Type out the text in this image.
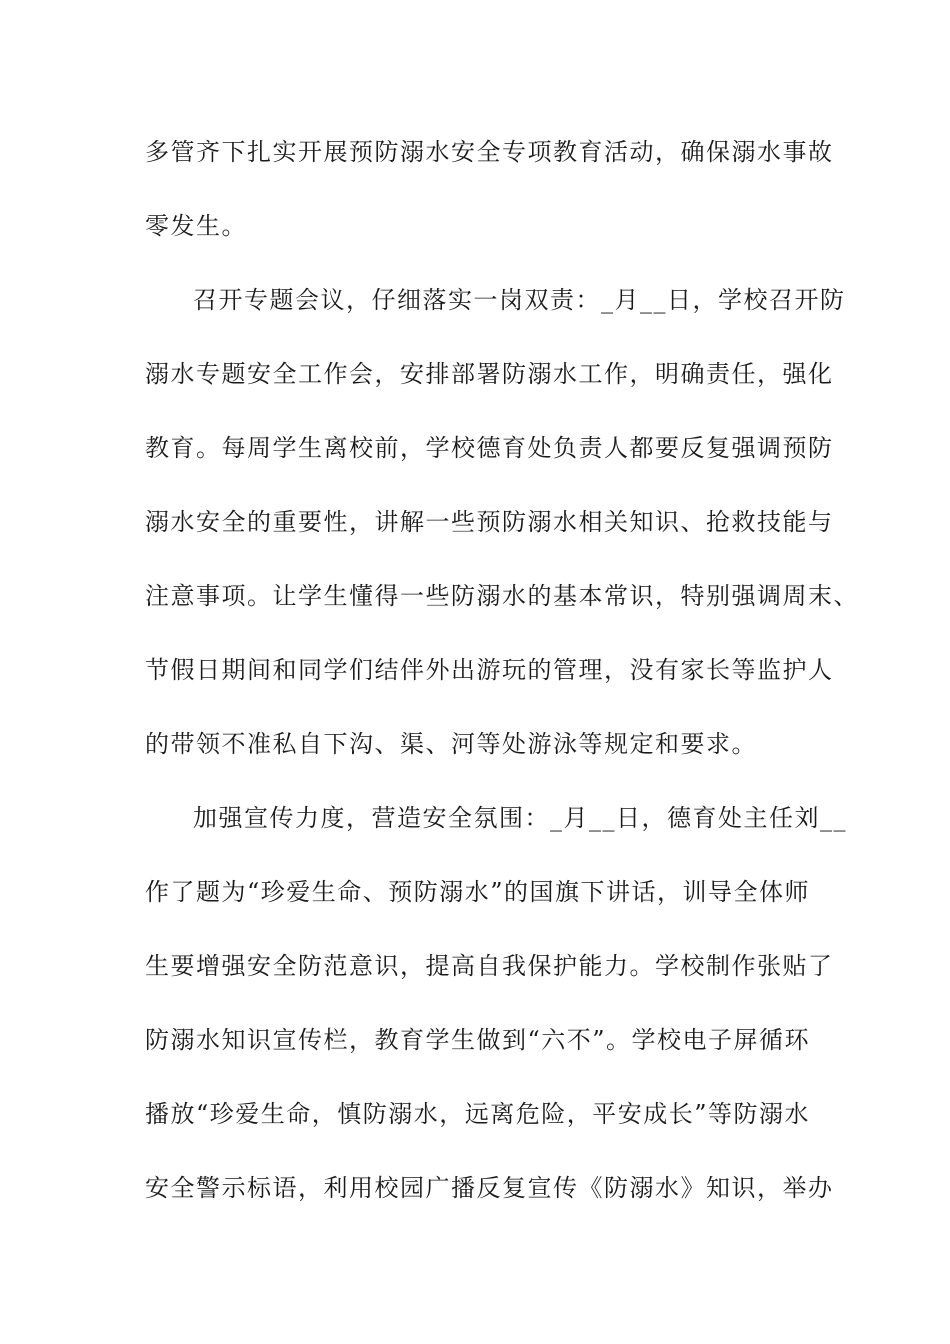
多管齐下扎实开展预防溺水安全专项教育活动，确保溺水事故
零发生。
召开专题会议，仔细落实一岗双责：_月__日，学校召开防
溺水专题安全工作会，安排部署防溺水工作，明确责任，强化
教育。每周学生离校前，学校德育处负责人都要反复强调预防
溺水安全的重要性，讲解一些预防溺水相关知识、抢救技能与
注意事项。让学生懂得一些防溺水的基本常识，特别强调周末、
节假日期间和同学们结伴外出游玩的管理，没有家长等监护人
的带领不准私自下沟、渠、河等处游泳等规定和要求。
加强宣传力度，营造安全氛围：_月__日，德育处主任刘__
作了题为“珍爱生命、预防溺水”的国旗下讲话，训导全体师
生要增强安全防范意识，提高自我保护能力。学校制作张贴了
防溺水知识宣传栏，教育学生做到“六不”。学校电子屏循环
播放“珍爱生命，慎防溺水，远离危险，平安成长”等防溺水
安全警示标语，利用校园广播反复宣传《防溺水》知识，举办
